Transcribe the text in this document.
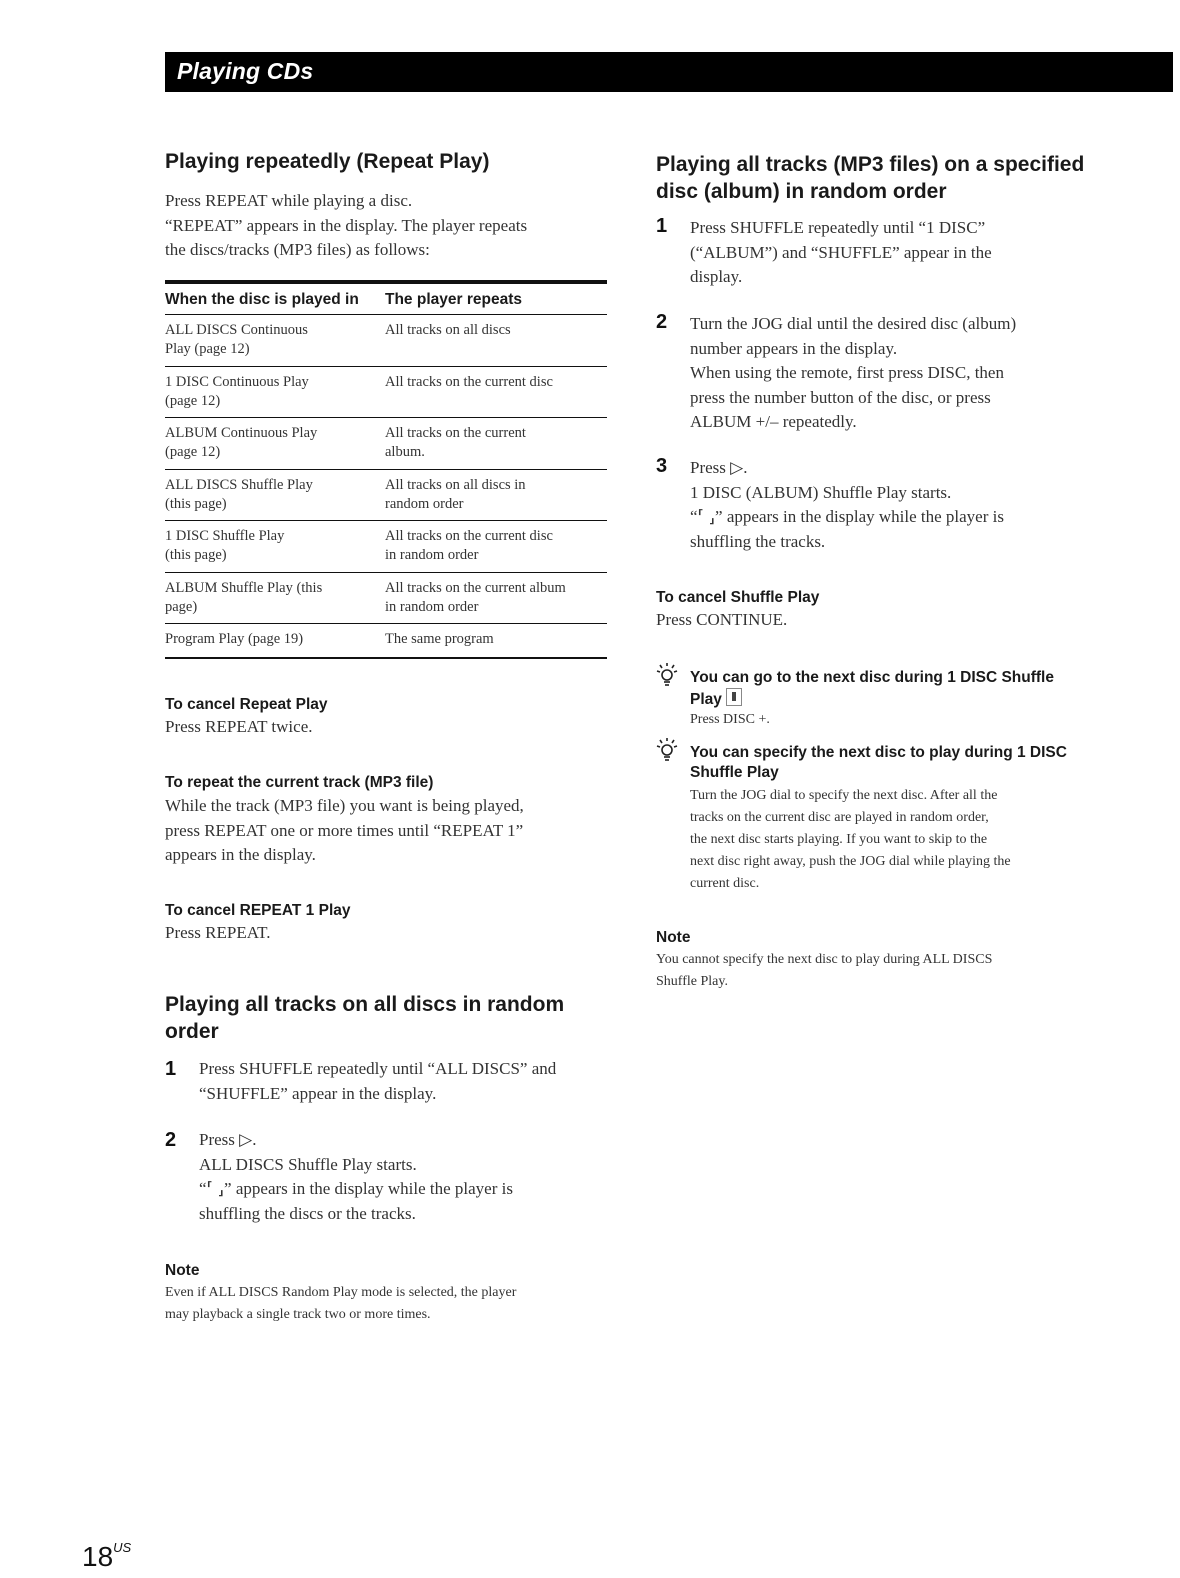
Playing CDs
Playing repeatedly (Repeat Play)
Press REPEAT while playing a disc.
“REPEAT” appears in the display. The player repeats
the discs/tracks (MP3 files) as follows:
When the disc is played in The player repeats
ALL DISCS Continuous
Play (page 12)
All tracks on all discs
1 DISC Continuous Play
(page 12)
All tracks on the current disc
ALBUM Continuous Play
(page 12)
All tracks on the current
album.
ALL DISCS Shuffle Play
(this page)
All tracks on all discs in
random order
1 DISC Shuffle Play
(this page)
All tracks on the current disc
in random order
ALBUM Shuffle Play (this
page)
All tracks on the current album
in random order
Program Play (page 19)	The same program
To cancel Repeat Play
Press REPEAT twice.
To repeat the current track (MP3 file)
While the track (MP3 file) you want is being played,
press REPEAT one or more times until “REPEAT 1”
appears in the display.
To cancel REPEAT 1 Play
Press REPEAT.
Playing all tracks on all discs in random
order
1 Press SHUFFLE repeatedly until “ALL DISCS” and
“SHUFFLE” appear in the display.
2 Press ▷.
ALL DISCS Shuffle Play starts.
“⸢ ⸥” appears in the display while the player is
shuffling the discs or the tracks.
Note
Even if ALL DISCS Random Play mode is selected, the player
may playback a single track two or more times.
Playing all tracks (MP3 files) on a specified
disc (album) in random order
1 Press SHUFFLE repeatedly until “1 DISC”
(“ALBUM”) and “SHUFFLE” appear in the
display.
2 Turn the JOG dial until the desired disc (album)
number appears in the display.
When using the remote, first press DISC, then
press the number button of the disc, or press
ALBUM +/– repeatedly.
3 Press ▷.
1 DISC (ALBUM) Shuffle Play starts.
“⸢ ⸥” appears in the display while the player is
shuffling the tracks.
To cancel Shuffle Play
Press CONTINUE.
You can go to the next disc during 1 DISC Shuffle
Play
Press DISC +.
You can specify the next disc to play during 1 DISC
Shuffle Play
Turn the JOG dial to specify the next disc. After all the
tracks on the current disc are played in random order,
the next disc starts playing. If you want to skip to the
next disc right away, push the JOG dial while playing the
current disc.
Note
You cannot specify the next disc to play during ALL DISCS
Shuffle Play.
$18^{US}$
